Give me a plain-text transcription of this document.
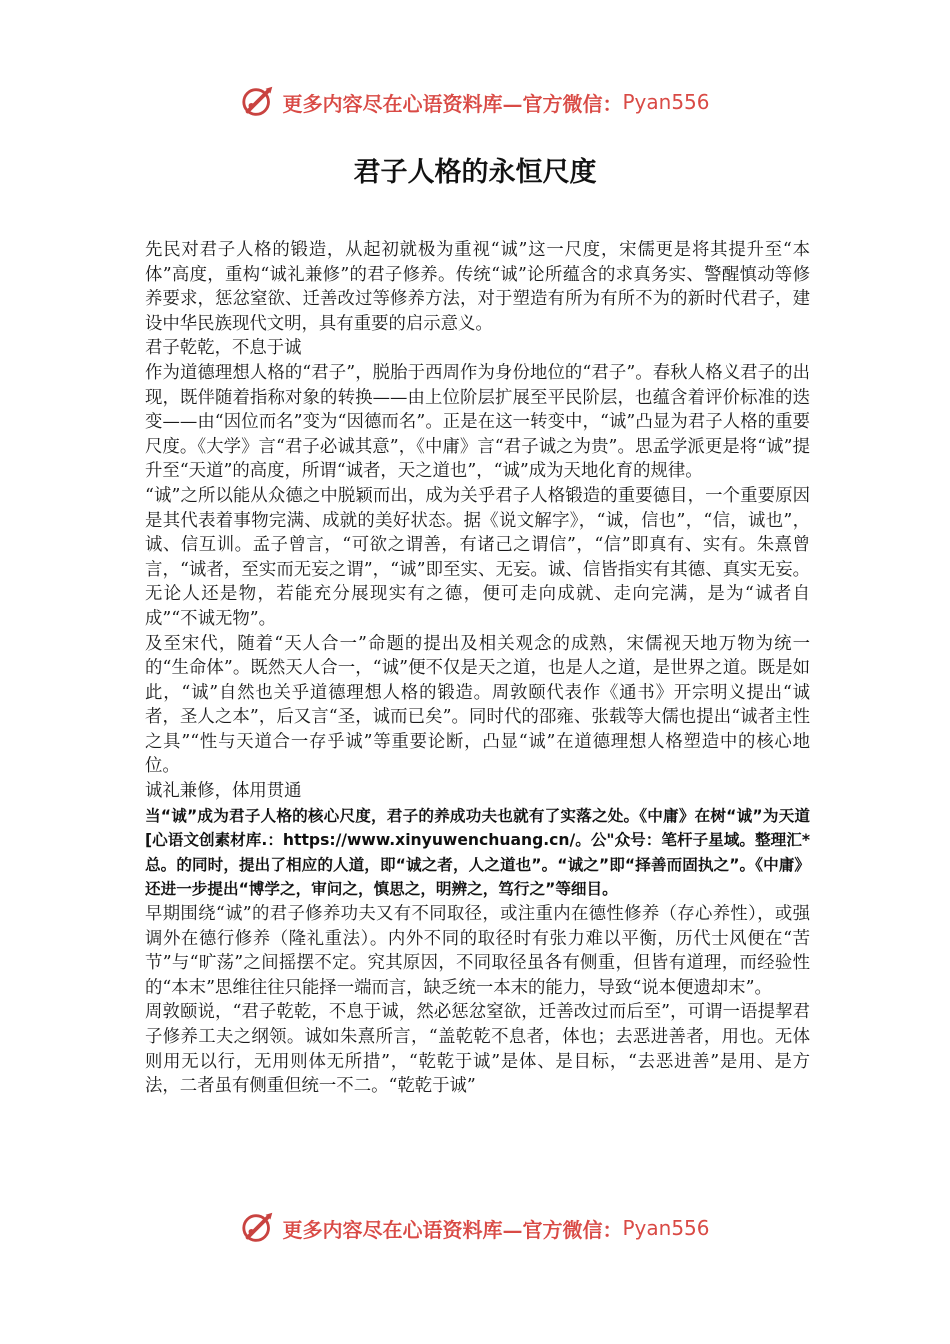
更多内容尽在心语资料库—官方微信： Pyan556
君子人格的永恒尺度

先民对君子人格的锻造，从起初就极为重视“诚”这一尺度，宋儒更是将其提升至“本体”高度，重构“诚礼兼修”的君子修养。传统“诚”论所蕴含的求真务实、警醒慎动等修养要求，惩忿窒欲、迁善改过等修养方法，对于塑造有所为有所不为的新时代君子，建设中华民族现代文明，具有重要的启示意义。

君子乾乾，不息于诚

作为道德理想人格的“君子”，脱胎于西周作为身份地位的“君子”。春秋人格义君子的出现，既伴随着指称对象的转换——由上位阶层扩展至平民阶层，也蕴含着评价标准的迭变——由“因位而名”变为“因德而名”。正是在这一转变中，“诚”凸显为君子人格的重要尺度。《大学》言“君子必诚其意”，《中庸》言“君子诚之为贵”。思孟学派更是将“诚”提升至“天道”的高度，所谓“诚者，天之道也”，“诚”成为天地化育的规律。

“诚”之所以能从众德之中脱颖而出，成为关乎君子人格锻造的重要德目，一个重要原因是其代表着事物完满、成就的美好状态。据《说文解字》，“诚，信也”，“信，诚也”，诚、信互训。孟子曾言，“可欲之谓善，有诸己之谓信”，“信”即真有、实有。朱熹曾言，“诚者，至实而无妄之谓”，“诚”即至实、无妄。诚、信皆指实有其德、真实无妄。无论人还是物，若能充分展现实有之德，便可走向成就、走向完满，是为“诚者自成”“不诚无物”。

及至宋代，随着“天人合一”命题的提出及相关观念的成熟，宋儒视天地万物为统一的“生命体”。既然天人合一，“诚”便不仅是天之道，也是人之道，是世界之道。既是如此，“诚”自然也关乎道德理想人格的锻造。周敦颐代表作《通书》开宗明义提出“诚者，圣人之本”，后又言“圣，诚而已矣”。同时代的邵雍、张载等大儒也提出“诚者主性之具”“性与天道合一存乎诚”等重要论断，凸显“诚”在道德理想人格塑造中的核心地位。

诚礼兼修，体用贯通

当“诚”成为君子人格的核心尺度，君子的养成功夫也就有了实落之处。《中庸》在树“诚”为天道[心语文创素材库.：https://www.xinyuwenchuang.cn/。公"众号：笔杆子星域。整理汇*总。的同时，提出了相应的人道，即“诚之者，人之道也”。“诚之”即“择善而固执之”。《中庸》还进一步提出“博学之，审问之，慎思之，明辨之，笃行之”等细目。

早期围绕“诚”的君子修养功夫又有不同取径，或注重内在德性修养（存心养性），或强调外在德行修养（隆礼重法）。内外不同的取径时有张力难以平衡，历代士风便在“苦节”与“旷荡”之间摇摆不定。究其原因，不同取径虽各有侧重，但皆有道理，而经验性的“本末”思维往往只能择一端而言，缺乏统一本末的能力，导致“说本便遗却末”。

周敦颐说，“君子乾乾，不息于诚，然必惩忿窒欲，迁善改过而后至”，可谓一语提挈君子修养工夫之纲领。诚如朱熹所言，“盖乾乾不息者，体也；去恶进善者，用也。无体则用无以行，无用则体无所措”，“乾乾于诚”是体、是目标，“去恶进善”是用、是方法，二者虽有侧重但统一不二。“乾乾于诚”

更多内容尽在心语资料库—官方微信： Pyan556
